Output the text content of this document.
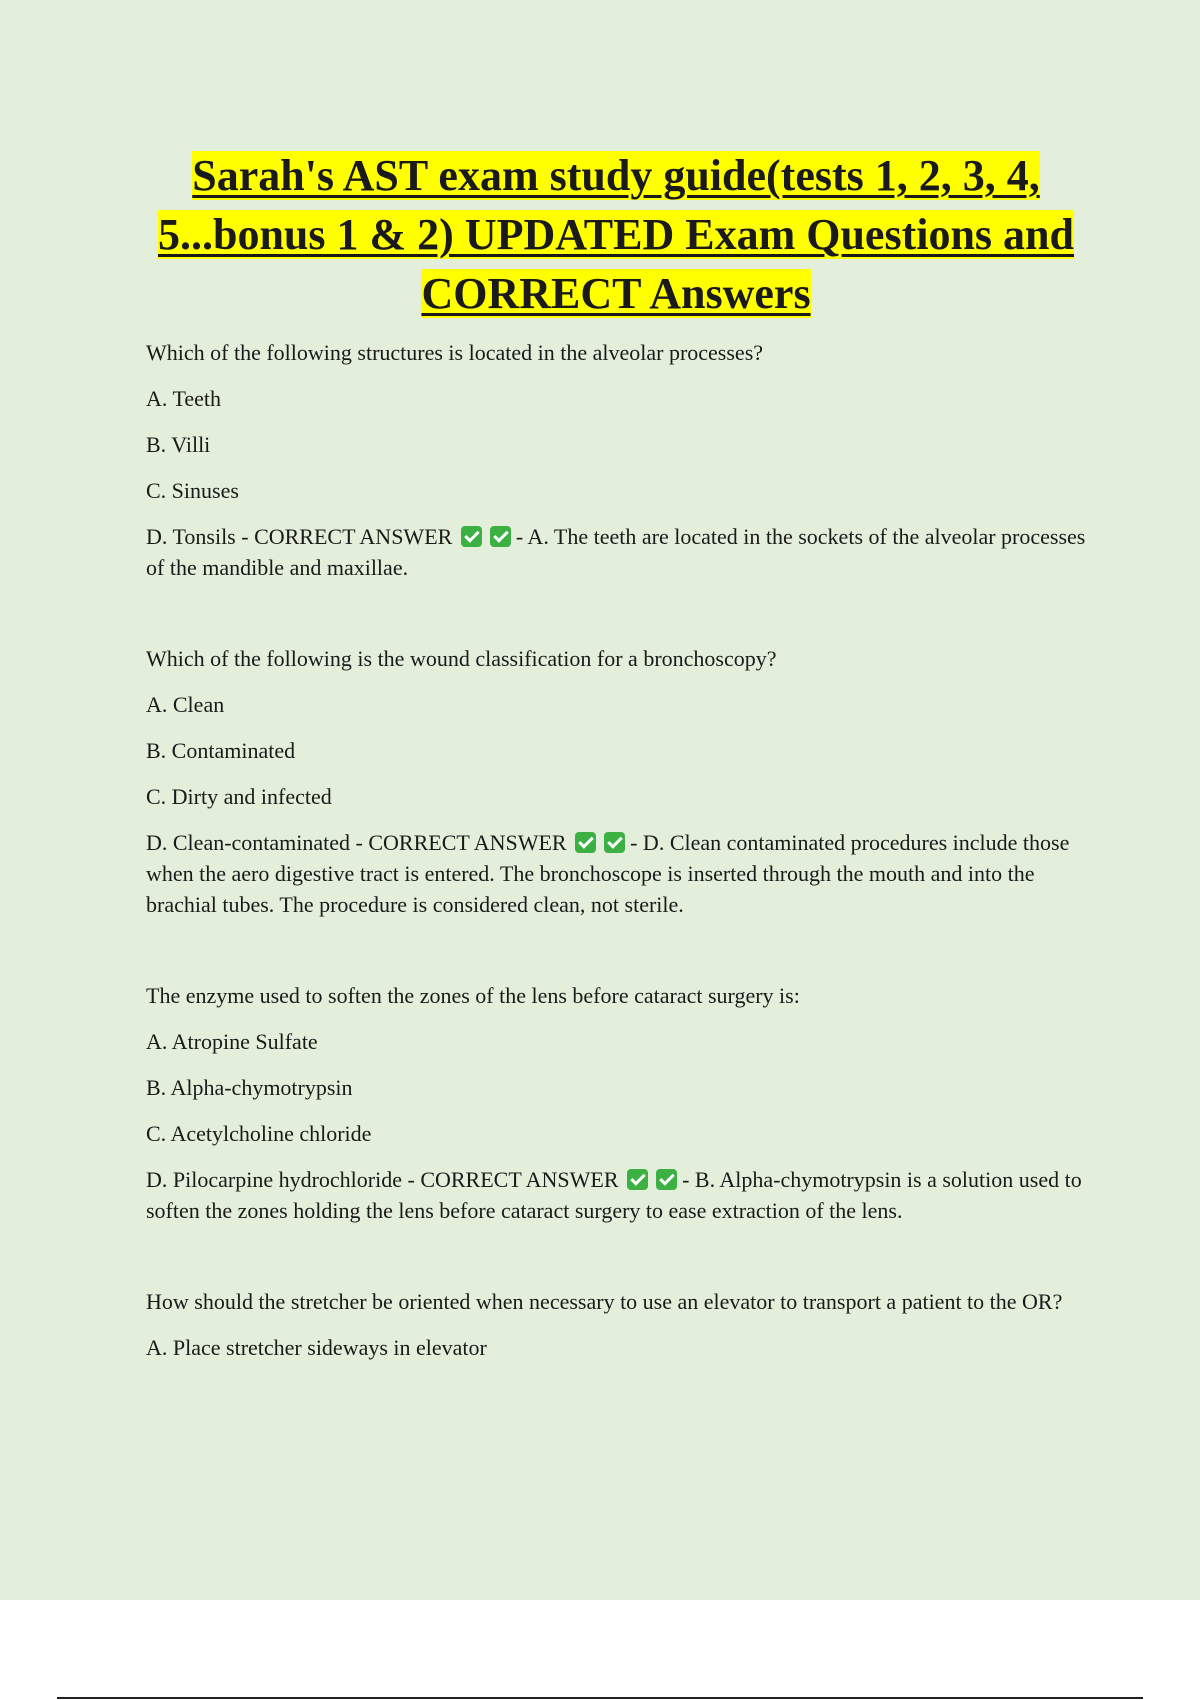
Sarah's AST exam study guide(tests 1, 2, 3, 4, 5...bonus 1 & 2) UPDATED Exam Questions and CORRECT Answers

Which of the following structures is located in the alveolar processes?

A. Teeth

B. Villi

C. Sinuses

D. Tonsils - CORRECT ANSWER	- A. The teeth are located in the sockets of the alveolar processes of the mandible and maxillae.

Which of the following is the wound classification for a bronchoscopy?

A. Clean

B. Contaminated

C. Dirty and infected

D. Clean-contaminated - CORRECT ANSWER	- D. Clean contaminated procedures include those when the aero digestive tract is entered. The bronchoscope is inserted through the mouth and into the brachial tubes. The procedure is considered clean, not sterile.

The enzyme used to soften the zones of the lens before cataract surgery is:

A. Atropine Sulfate

B. Alpha-chymotrypsin

C. Acetylcholine chloride

D. Pilocarpine hydrochloride - CORRECT ANSWER	- B. Alpha-chymotrypsin is a solution used to soften the zones holding the lens before cataract surgery to ease extraction of the lens.

How should the stretcher be oriented when necessary to use an elevator to transport a patient to the OR?

A. Place stretcher sideways in elevator
